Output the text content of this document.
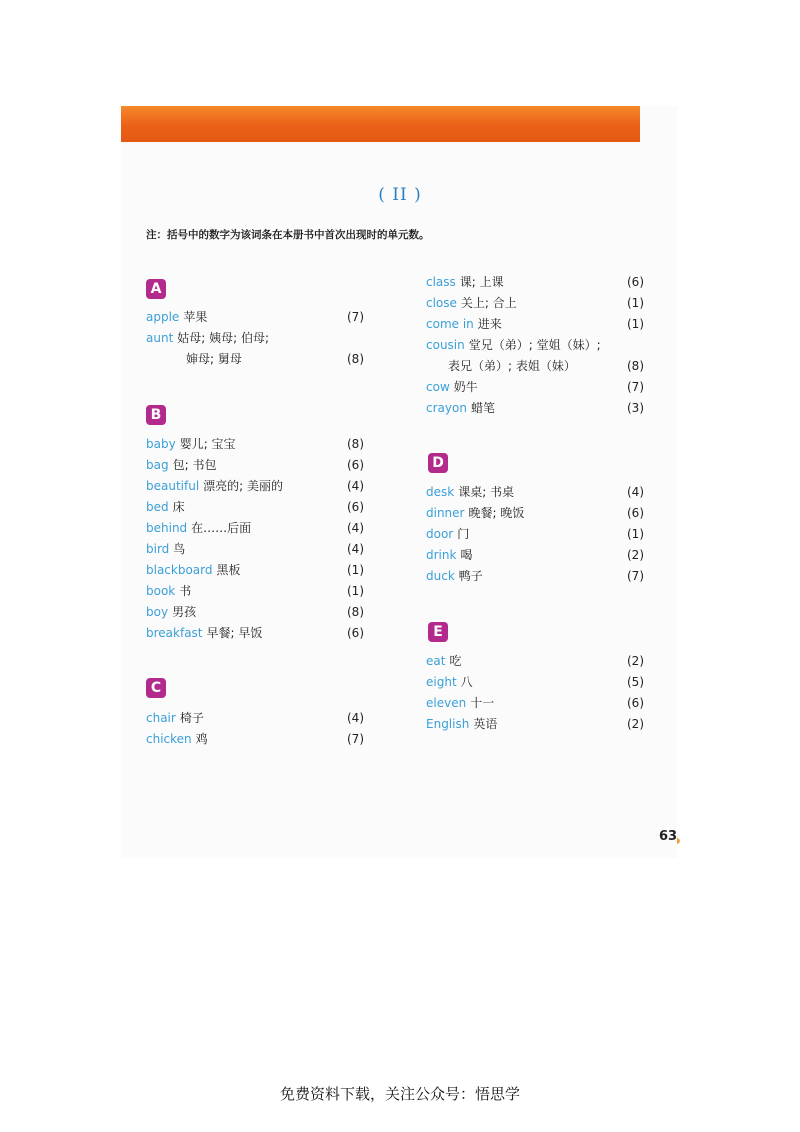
( II )
注：括号中的数字为该词条在本册书中首次出现时的单元数。
A
apple 苹果	(7)
aunt 姑母; 姨母; 伯母;
婶母; 舅母	(8)
B
baby 婴儿; 宝宝	(8)
bag 包; 书包	(6)
beautiful 漂亮的; 美丽的	(4)
bed 床	(6)
behind 在……后面	(4)
bird 鸟	(4)
blackboard 黑板	(1)
book 书	(1)
boy 男孩	(8)
breakfast 早餐; 早饭	(6)
C
chair 椅子	(4)
chicken 鸡	(7)
class 课; 上课	(6)
close 关上; 合上	(1)
come in 进来	(1)
cousin 堂兄（弟）; 堂姐（妹）;
表兄（弟）; 表姐（妹）	(8)
cow 奶牛	(7)
crayon 蜡笔	(3)
D
desk 课桌; 书桌	(4)
dinner 晚餐; 晚饭	(6)
door 门	(1)
drink 喝	(2)
duck 鸭子	(7)
E
eat 吃	(2)
eight 八	(5)
eleven 十一	(6)
English 英语	(2)
63
免费资料下载，关注公众号：悟思学
